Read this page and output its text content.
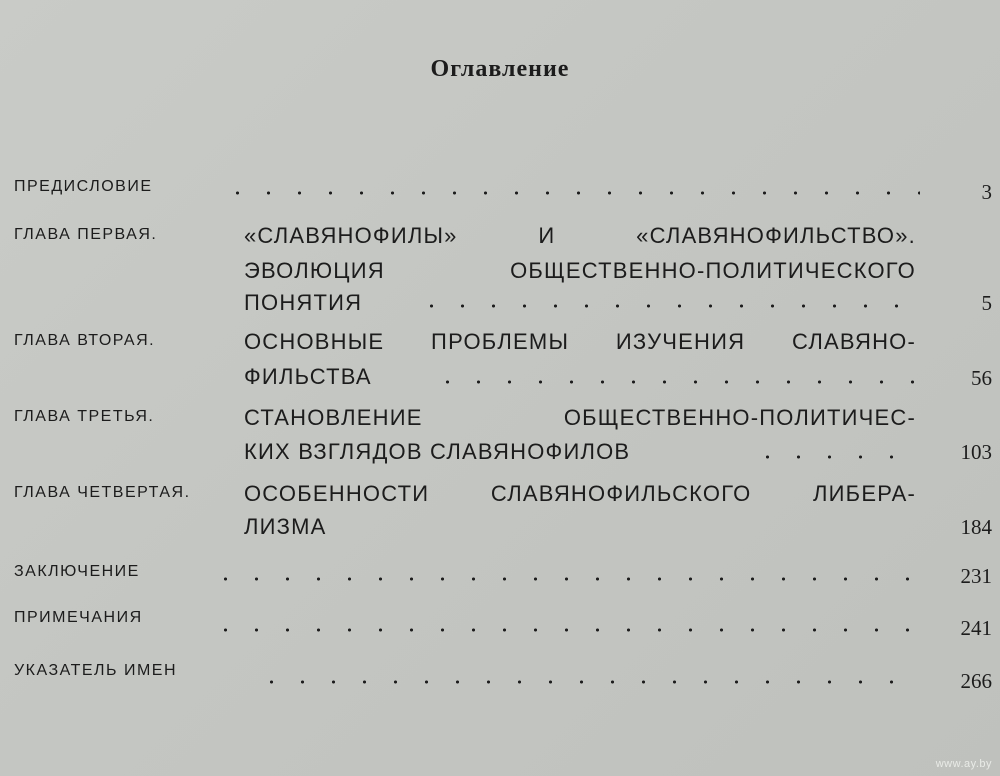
Оглавление
ПРЕДИСЛОВИЕ	3
ГЛАВА ПЕРВАЯ.	«СЛАВЯНОФИЛЫ» И «СЛАВЯНОФИЛЬСТВО».
ЭВОЛЮЦИЯ ОБЩЕСТВЕННО-ПОЛИТИЧЕСКОГО
ПОНЯТИЯ	5
ГЛАВА ВТОРАЯ.	ОСНОВНЫЕ ПРОБЛЕМЫ ИЗУЧЕНИЯ СЛАВЯНО-
ФИЛЬСТВА	56
ГЛАВА ТРЕТЬЯ.	СТАНОВЛЕНИЕ ОБЩЕСТВЕННО-ПОЛИТИЧЕС-
КИХ ВЗГЛЯДОВ СЛАВЯНОФИЛОВ	103
ГЛАВА ЧЕТВЕРТАЯ. ОСОБЕННОСТИ СЛАВЯНОФИЛЬСКОГО ЛИБЕРА-
ЛИЗМА	184
ЗАКЛЮЧЕНИЕ	231
ПРИМЕЧАНИЯ	241
УКАЗАТЕЛЬ ИМЕН	266
www.ay.by
